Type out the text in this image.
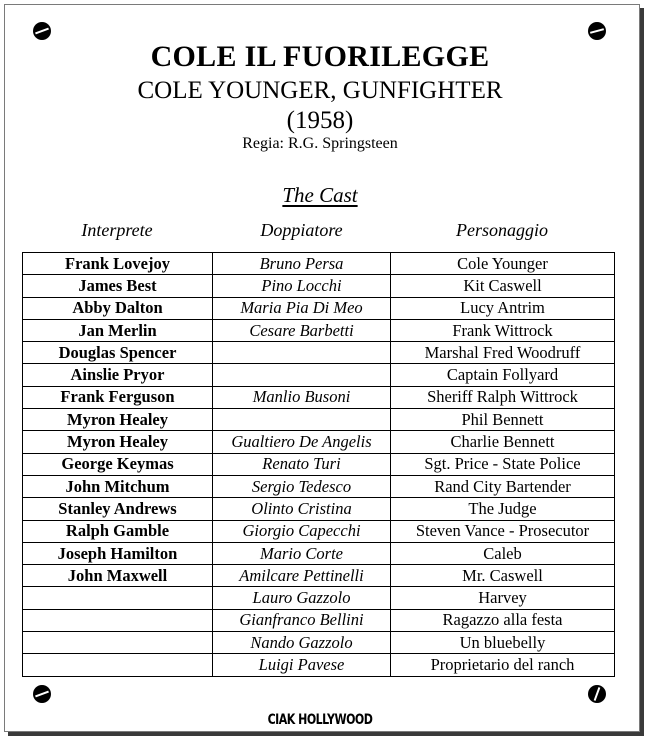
COLE IL FUORILEGGE
COLE YOUNGER, GUNFIGHTER
(1958)
Regia: R.G. Springsteen
The Cast
Interprete	Doppiatore	Personaggio
Frank Lovejoy	Bruno Persa	Cole Younger
James Best	Pino Locchi	Kit Caswell
Abby Dalton	Maria Pia Di Meo	Lucy Antrim
Jan Merlin	Cesare Barbetti	Frank Wittrock
Douglas Spencer		Marshal Fred Woodruff
Ainslie Pryor		Captain Follyard
Frank Ferguson	Manlio Busoni	Sheriff Ralph Wittrock
Myron Healey		Phil Bennett
Myron Healey	Gualtiero De Angelis	Charlie Bennett
George Keymas	Renato Turi	Sgt. Price - State Police
John Mitchum	Sergio Tedesco	Rand City Bartender
Stanley Andrews	Olinto Cristina	The Judge
Ralph Gamble	Giorgio Capecchi	Steven Vance - Prosecutor
Joseph Hamilton	Mario Corte	Caleb
John Maxwell	Amilcare Pettinelli	Mr. Caswell
	Lauro Gazzolo	Harvey
	Gianfranco Bellini	Ragazzo alla festa
	Nando Gazzolo	Un bluebelly
	Luigi Pavese	Proprietario del ranch
CIAK HOLLYWOOD
